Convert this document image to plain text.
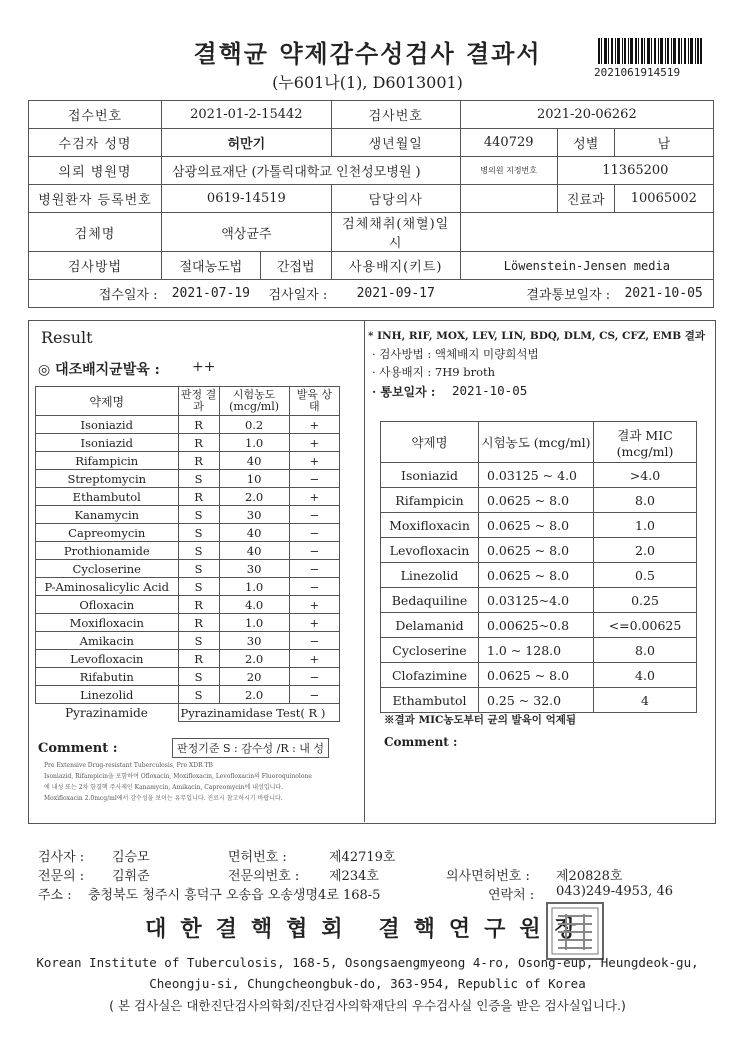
결핵균 약제감수성검사 결과서
(누601나(1), D6013001)
2021061914519
접수번호	2021-01-2-15442		검사번호	2021-20-06262		
수검자 성명	허만기		생년월일	440729	성별	남
의뢰 병원명	삼광의료재단 (가톨릭대학교 인천성모병원 )			병의원 지정번호	11365200	
병원환자 등록번호	0619-14519		담당의사		진료과	10065002
검체명	액상균주		검체채취(채혈)일시			
검사방법	절대농도법	간접법	사용배지(키트)	Löwenstein-Jensen media		
접수일자 :	2021-07-19	검사일자 :	2021-09-17	결과통보일자 :		2021-10-05
Result
◎ 대조배지균발육 : ++
약제명	판정 결과	시험농도 (mcg/ml)	발육 상태
Isoniazid	R	0.2	+
Isoniazid	R	1.0	+
Rifampicin	R	40	+
Streptomycin	S	10	−
Ethambutol	R	2.0	+
Kanamycin	S	30	−
Capreomycin	S	40	−
Prothionamide	S	40	−
Cycloserine	S	30	−
P-Aminosalicylic Acid	S	1.0	−
Ofloxacin	R	4.0	+
Moxifloxacin	R	1.0	+
Amikacin	S	30	−
Levofloxacin	R	2.0	+
Rifabutin	S	20	−
Linezolid	S	2.0	−
Pyrazinamide	Pyrazinamidase Test( R )		
Comment :	판정기준 S : 감수성 /R : 내 성
Pre Extensive Drug-resistant Tuberculosis, Pre XDR TB
Isoniazid, Rifampicin을 포함하여 Ofloxacin, Moxifloxacin, Levofloxacin의 Fluoroquinolone
에 내성 또는 2차 항결핵 주사제인 Kanamycin, Amikacin, Capreomycin에 내성입니다.
Moxifloxacin 2.0mcg/ml에서 감수성을 보이는 유무입니다. 진료시 참고하시기 바랍니다.
* INH, RIF, MOX, LEV, LIN, BDQ, DLM, CS, CFZ, EMB 결과
· 검사방법 : 액체배지 미량희석법
· 사용배지 : 7H9 broth
· 통보일자 : 2021-10-05
약제명	시험농도 (mcg/ml)	결과 MIC (mcg/ml)
Isoniazid	0.03125 ~ 4.0	>4.0
Rifampicin	0.0625 ~ 8.0	8.0
Moxifloxacin	0.0625 ~ 8.0	1.0
Levofloxacin	0.0625 ~ 8.0	2.0
Linezolid	0.0625 ~ 8.0	0.5
Bedaquiline	0.03125~4.0	0.25
Delamanid	0.00625~0.8	<=0.00625
Cycloserine	1.0 ~ 128.0	8.0
Clofazimine	0.0625 ~ 8.0	4.0
Ethambutol	0.25 ~ 32.0	4
※결과 MIC농도부터 균의 발육이 억제됨
Comment :
검사자 : 김승모	면허번호 :	제42719호
전문의 : 김휘준	전문의번호 : 제234호	의사면허번호 : 제20828호
주소 : 충청북도 청주시 흥덕구 오송읍 오송생명4로 168-5	연락처 : 043)249-4953, 46
대한결핵협회 결핵연구원장
Korean Institute of Tuberculosis, 168-5, Osongsaengmyeong 4-ro, Osong-eup, Heungdeok-gu,
Cheongju-si, Chungcheongbuk-do, 363-954, Republic of Korea
( 본 검사실은 대한진단검사의학회/진단검사의학재단의 우수검사실 인증을 받은 검사실입니다.)
